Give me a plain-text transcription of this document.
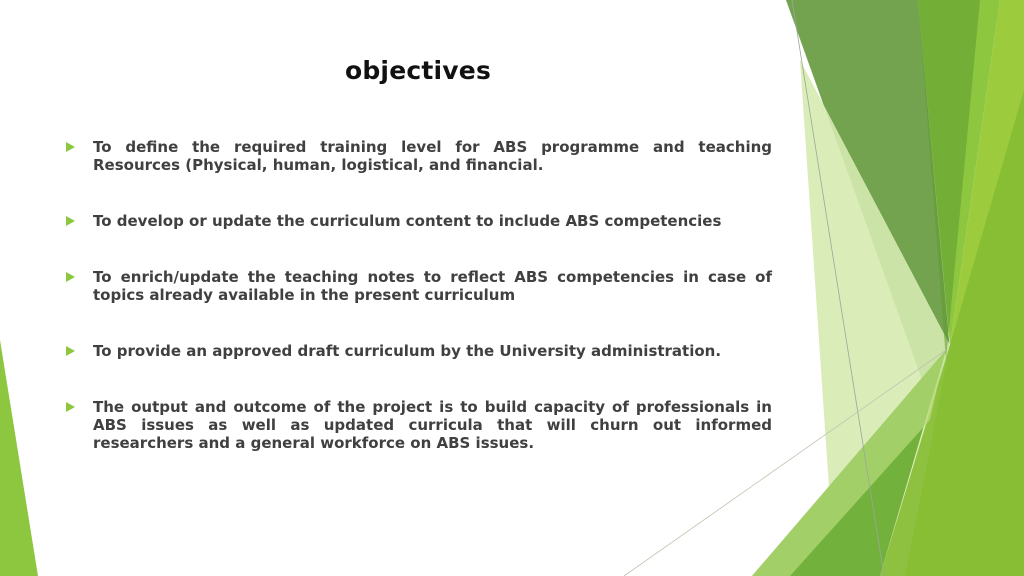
objectives
To define the required training level for ABS programme and teaching Resources (Physical, human, logistical, and financial.
To develop or update the curriculum content to include ABS competencies
To enrich/update the teaching notes to reflect ABS competencies in case of topics already available in the present curriculum
To provide an approved draft curriculum by the University administration.
The output and outcome of the project is to build capacity of professionals in ABS issues as well as updated curricula that will churn out informed researchers and a general workforce on ABS issues.
